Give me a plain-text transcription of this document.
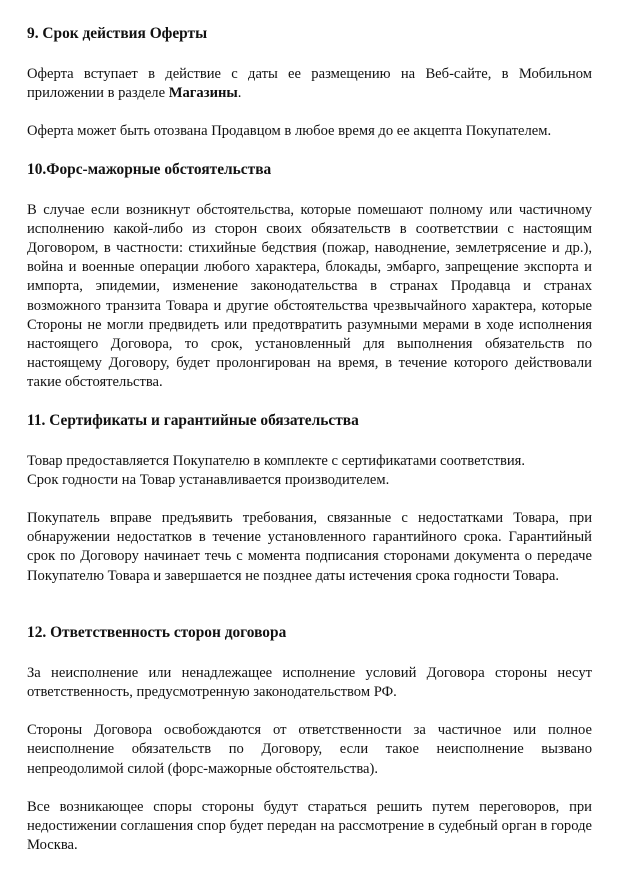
9. Срок действия Оферты

Оферта вступает в действие с даты ее размещению на Веб-сайте, в Мобильном приложении в разделе Магазины.

Оферта может быть отозвана Продавцом в любое время до ее акцепта Покупателем.

10.Форс-мажорные обстоятельства

В случае если возникнут обстоятельства, которые помешают полному или частичному исполнению какой-либо из сторон своих обязательств в соответствии с настоящим Договором, в частности: стихийные бедствия (пожар, наводнение, землетрясение и др.), война и военные операции любого характера, блокады, эмбарго, запрещение экспорта и импорта, эпидемии, изменение законодательства в странах Продавца и странах возможного транзита Товара и другие обстоятельства чрезвычайного характера, которые Стороны не могли предвидеть или предотвратить разумными мерами в ходе исполнения настоящего Договора, то срок, установленный для выполнения обязательств по настоящему Договору, будет пролонгирован на время, в течение которого действовали такие обстоятельства.

11. Сертификаты и гарантийные обязательства

Товар предоставляется Покупателю в комплекте с сертификатами соответствия.

Срок годности на Товар устанавливается производителем.

Покупатель вправе предъявить требования, связанные с недостатками Товара, при обнаружении недостатков в течение установленного гарантийного срока. Гарантийный срок по Договору начинает течь с момента подписания сторонами документа о передаче Покупателю Товара и завершается не позднее даты истечения срока годности Товара.

12. Ответственность сторон договора

За неисполнение или ненадлежащее исполнение условий Договора стороны несут ответственность, предусмотренную законодательством РФ.

Стороны Договора освобождаются от ответственности за частичное или полное неисполнение обязательств по Договору, если такое неисполнение вызвано непреодолимой силой (форс-мажорные обстоятельства).

Все возникающее споры стороны будут стараться решить путем переговоров, при недостижении соглашения спор будет передан на рассмотрение в судебный орган в городе Москва.
